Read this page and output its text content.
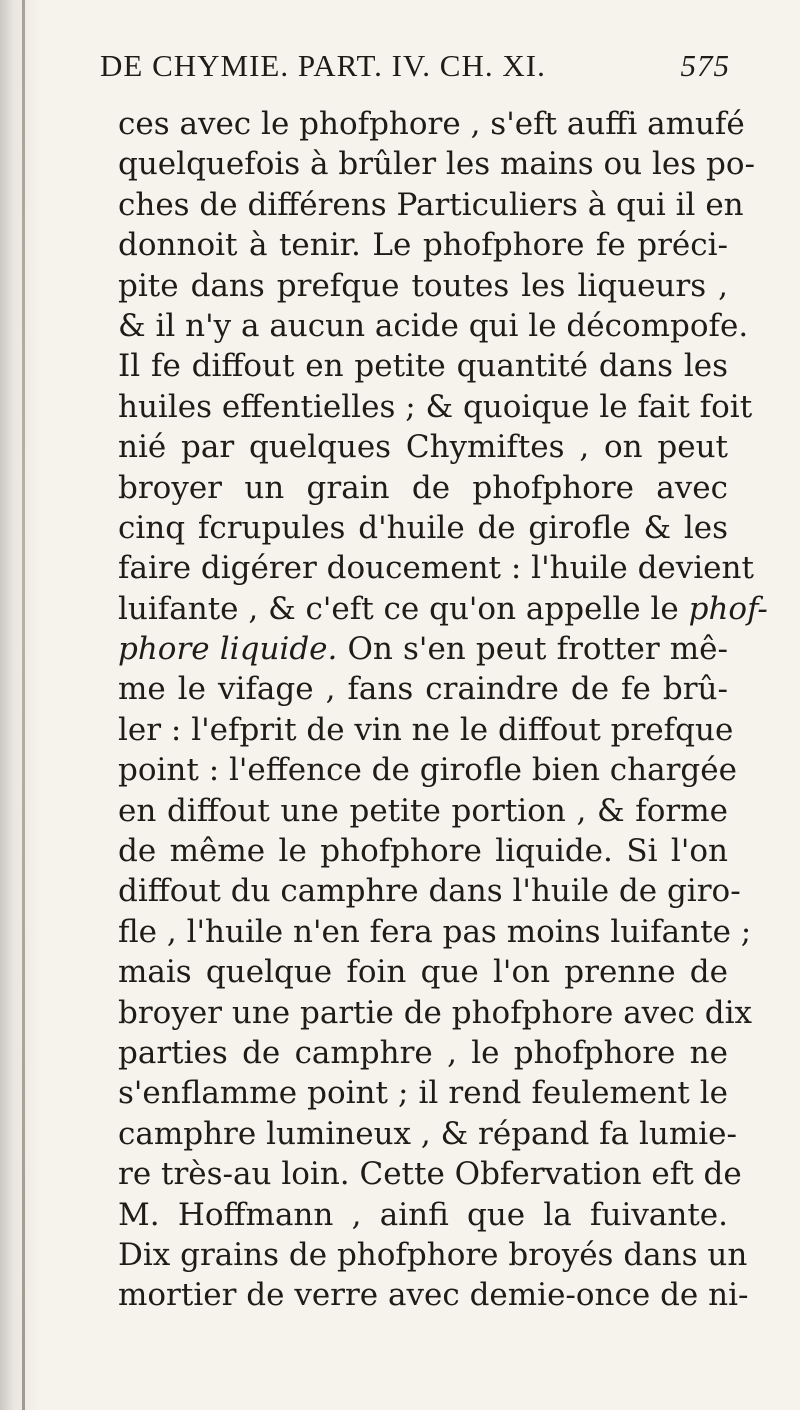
DE CHYMIE. PART. IV. CH. XI.	575
ces avec le phofphore , s'eft auffi amufé
quelquefois à brûler les mains ou les po-
ches de différens Particuliers à qui il en
donnoit à tenir. Le phofphore fe préci-
pite dans prefque toutes les liqueurs ,
& il n'y a aucun acide qui le décompofe.
Il fe diffout en petite quantité dans les
huiles effentielles ; & quoique le fait foit
nié par quelques Chymiftes , on peut
broyer un grain de phofphore avec
cinq fcrupules d'huile de girofle & les
faire digérer doucement : l'huile devient
luifante , & c'eft ce qu'on appelle le phof-
phore liquide. On s'en peut frotter mê-
me le vifage , fans craindre de fe brû-
ler : l'efprit de vin ne le diffout prefque
point : l'effence de girofle bien chargée
en diffout une petite portion , & forme
de même le phofphore liquide. Si l'on
diffout du camphre dans l'huile de giro-
fle , l'huile n'en fera pas moins luifante ;
mais quelque foin que l'on prenne de
broyer une partie de phofphore avec dix
parties de camphre , le phofphore ne
s'enflamme point ; il rend feulement le
camphre lumineux , & répand fa lumie-
re très-au loin. Cette Obfervation eft de
M. Hoffmann , ainfi que la fuivante.
Dix grains de phofphore broyés dans un
mortier de verre avec demie-once de ni-
